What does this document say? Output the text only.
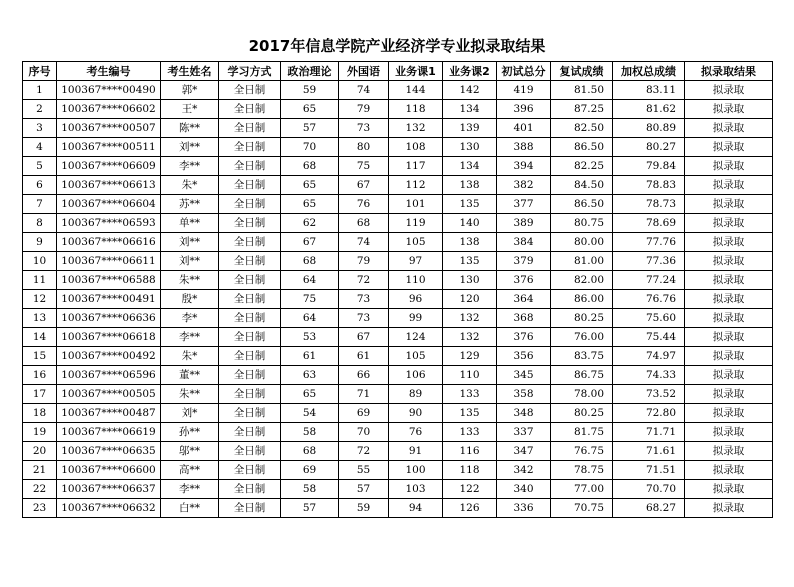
2017年信息学院产业经济学专业拟录取结果
序号	考生编号	考生姓名	学习方式	政治理论	外国语	业务课1	业务课2	初试总分	复试成绩	加权总成绩	拟录取结果
1	100367****00490	郭*	全日制	59	74	144	142	419	81.50	83.11	拟录取
2	100367****06602	王*	全日制	65	79	118	134	396	87.25	81.62	拟录取
3	100367****00507	陈**	全日制	57	73	132	139	401	82.50	80.89	拟录取
4	100367****00511	刘**	全日制	70	80	108	130	388	86.50	80.27	拟录取
5	100367****06609	李**	全日制	68	75	117	134	394	82.25	79.84	拟录取
6	100367****06613	朱*	全日制	65	67	112	138	382	84.50	78.83	拟录取
7	100367****06604	苏**	全日制	65	76	101	135	377	86.50	78.73	拟录取
8	100367****06593	单**	全日制	62	68	119	140	389	80.75	78.69	拟录取
9	100367****06616	刘**	全日制	67	74	105	138	384	80.00	77.76	拟录取
10	100367****06611	刘**	全日制	68	79	97	135	379	81.00	77.36	拟录取
11	100367****06588	朱**	全日制	64	72	110	130	376	82.00	77.24	拟录取
12	100367****00491	殷*	全日制	75	73	96	120	364	86.00	76.76	拟录取
13	100367****06636	李*	全日制	64	73	99	132	368	80.25	75.60	拟录取
14	100367****06618	李**	全日制	53	67	124	132	376	76.00	75.44	拟录取
15	100367****00492	朱*	全日制	61	61	105	129	356	83.75	74.97	拟录取
16	100367****06596	董**	全日制	63	66	106	110	345	86.75	74.33	拟录取
17	100367****00505	朱**	全日制	65	71	89	133	358	78.00	73.52	拟录取
18	100367****00487	刘*	全日制	54	69	90	135	348	80.25	72.80	拟录取
19	100367****06619	孙**	全日制	58	70	76	133	337	81.75	71.71	拟录取
20	100367****06635	邬**	全日制	68	72	91	116	347	76.75	71.61	拟录取
21	100367****06600	高**	全日制	69	55	100	118	342	78.75	71.51	拟录取
22	100367****06637	李**	全日制	58	57	103	122	340	77.00	70.70	拟录取
23	100367****06632	白**	全日制	57	59	94	126	336	70.75	68.27	拟录取
